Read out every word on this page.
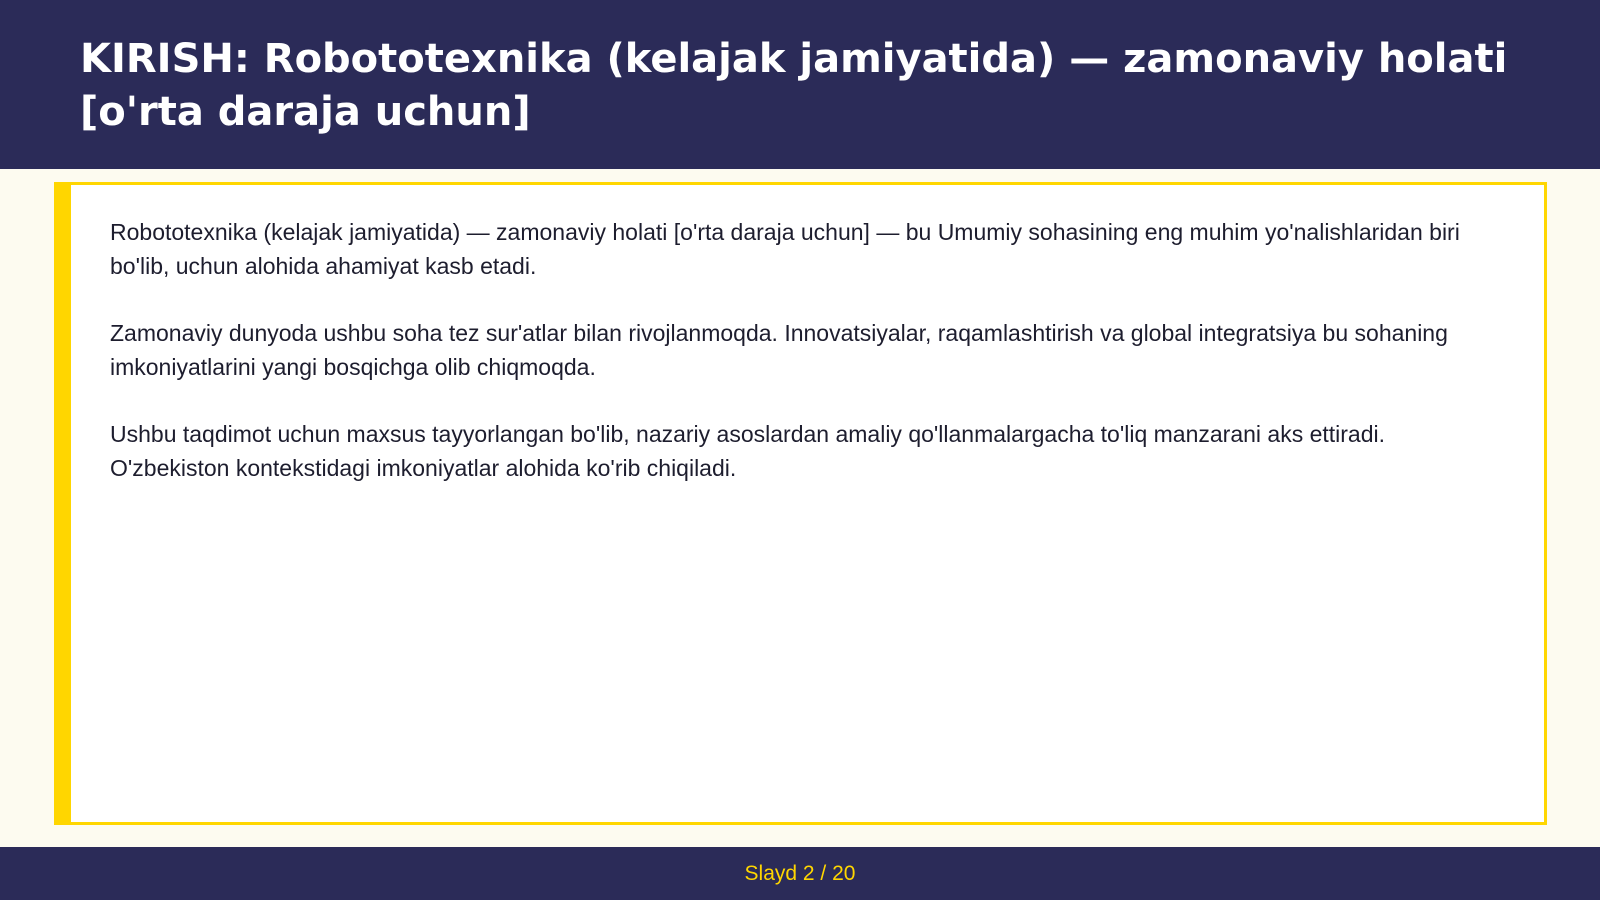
KIRISH: Robototexnika (kelajak jamiyatida) — zamonaviy holati [o'rta daraja uchun]

Robototexnika (kelajak jamiyatida) — zamonaviy holati [o'rta daraja uchun] — bu Umumiy sohasining eng muhim yo'nalishlaridan biri bo'lib, uchun alohida ahamiyat kasb etadi.

Zamonaviy dunyoda ushbu soha tez sur'atlar bilan rivojlanmoqda. Innovatsiyalar, raqamlashtirish va global integratsiya bu sohaning imkoniyatlarini yangi bosqichga olib chiqmoqda.

Ushbu taqdimot uchun maxsus tayyorlangan bo'lib, nazariy asoslardan amaliy qo'llanmalargacha to'liq manzarani aks ettiradi. O'zbekiston kontekstidagi imkoniyatlar alohida ko'rib chiqiladi.

Slayd 2 / 20
